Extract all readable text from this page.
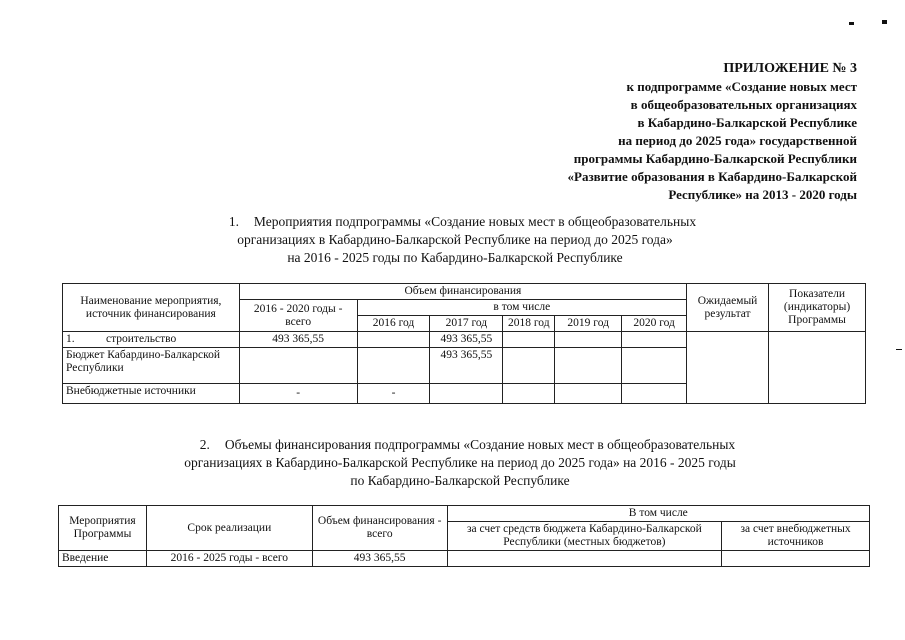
ПРИЛОЖЕНИЕ № 3
к подпрограмме «Создание новых мест
в общеобразовательных организациях
в Кабардино-Балкарской Республике
на период до 2025 года» государственной
программы Кабардино-Балкарской Республики
«Развитие образования в Кабардино-Балкарской
Республике» на 2013 - 2020 годы
1. Мероприятия подпрограммы «Создание новых мест в общеобразовательных
организациях в Кабардино-Балкарской Республике на период до 2025 года»
на 2016 - 2025 годы по Кабардино-Балкарской Республике
Наименование мероприятия, источник финансирования	Объем финансирования						Ожидаемый результат	Показатели (индикаторы) Программы
	2016 - 2020 годы - всего	в том числе						
		2016 год	2017 год	2018 год	2019 год	2020 год		
1. строительство	493 365,55		493 365,55					
Бюджет Кабардино-Балкарской Республики			493 365,55					
Внебюджетные источники	-	-						
2. Объемы финансирования подпрограммы «Создание новых мест в общеобразовательных
организациях в Кабардино-Балкарской Республике на период до 2025 года» на 2016 - 2025 годы
по Кабардино-Балкарской Республике
Мероприятия Программы	Срок реализации	Объем финансирования - всего	В том числе	
			за счет средств бюджета Кабардино-Балкарской Республики (местных бюджетов)	за счет внебюджетных источников
Введение	2016 - 2025 годы - всего	493 365,55		
